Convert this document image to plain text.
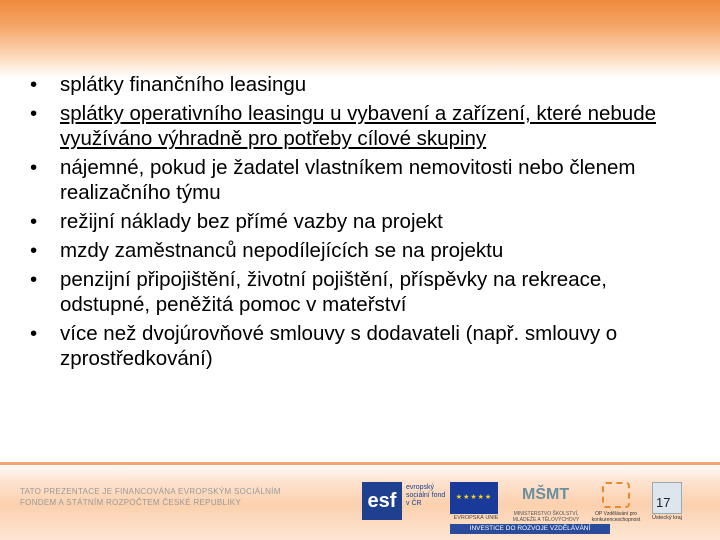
• splátky finančního leasingu
• splátky operativního leasingu u vybavení a zařízení, které nebude využíváno výhradně pro potřeby cílové skupiny
• nájemné, pokud je žadatel vlastníkem nemovitosti nebo členem realizačního týmu
• režijní náklady bez přímé vazby na projekt
• mzdy zaměstnanců nepodílejících se na projektu
• penzijní připojištění, životní pojištění, příspěvky na rekreace, odstupné, peněžitá pomoc v mateřství
• více než dvojúrovňové smlouvy s dodavateli (např. smlouvy o zprostředkování)
TATO PREZENTACE JE FINANCOVÁNA EVROPSKÝM SOCIÁLNÍM
FONDEM A STÁTNÍM ROZPOČTEM ČESKÉ REPUBLIKY	esf
evropský sociální fond v ČR
★★★★★
EVROPSKÁ UNIE
MŠMT
MINISTERSTVO ŠKOLSTVÍ, MLÁDEŽE A TĚLOVÝCHOVY
OP Vzdělávání pro konkurenceschopnost	Ústecký kraj
INVESTICE DO ROZVOJE VZDĚLÁVÁNÍ
17
